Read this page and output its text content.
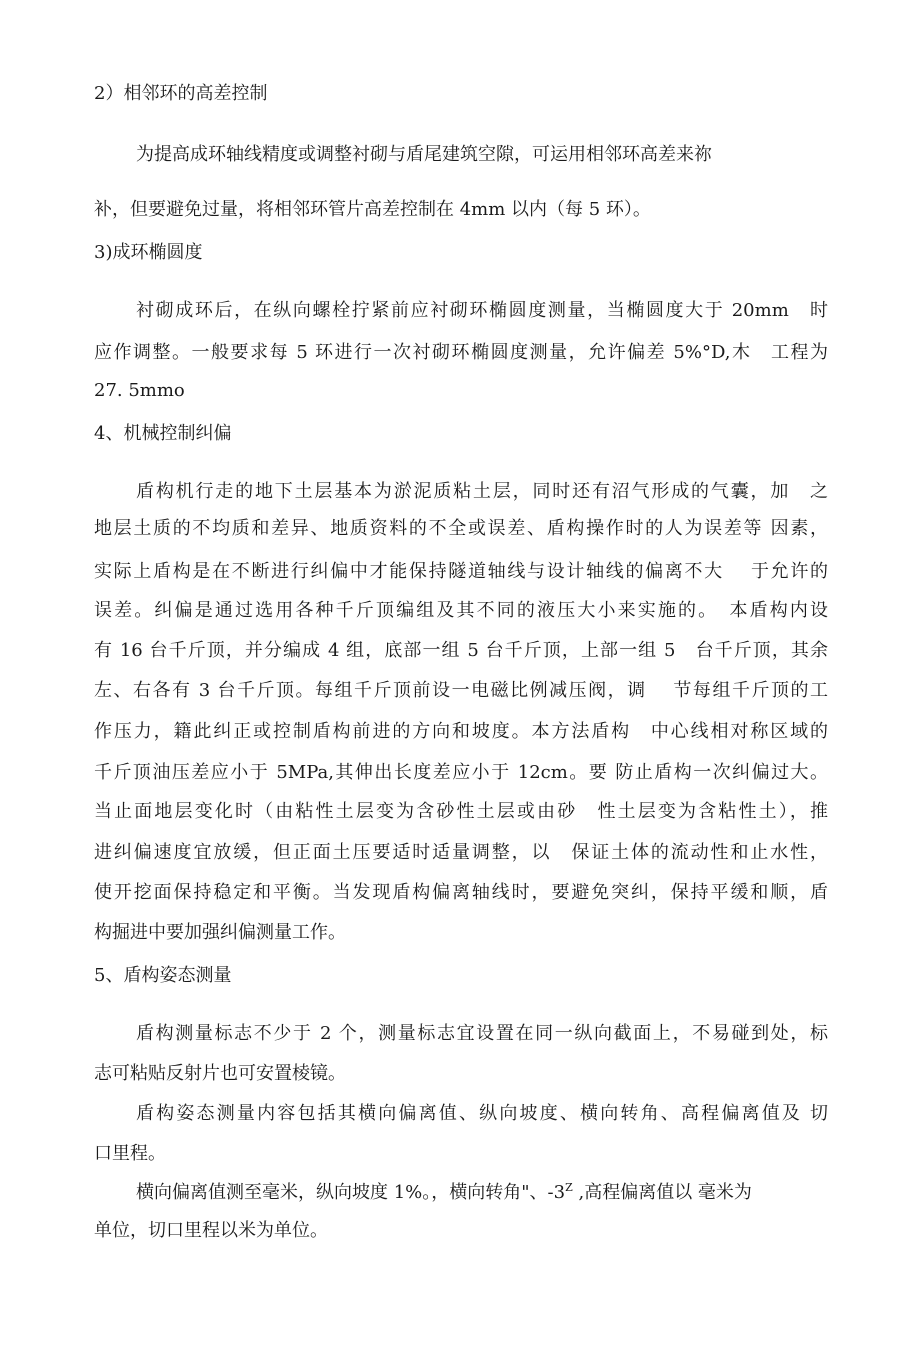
2）相邻环的高差控制
为提高成环轴线精度或调整衬砌与盾尾建筑空隙，可运用相邻环高差来祢
补，但要避免过量，将相邻环管片高差控制在 4mm 以内（每 5 环）。
3)成环椭圆度
衬砌成环后，在纵向螺栓拧紧前应衬砌环椭圆度测量，当椭圆度大于 20mm　时
应作调整。一般要求每 5 环进行一次衬砌环椭圆度测量，允许偏差 5%°D,木　工程为
27. 5mmo
4、机械控制纠偏
盾构机行走的地下土层基本为淤泥质粘土层，同时还有沼气形成的气囊，加　之
地层土质的不均质和差异、地质资料的不全或误差、盾构操作时的人为误差等 因素，
实际上盾构是在不断进行纠偏中才能保持隧道轴线与设计轴线的偏离不大　 于允许的
误差。纠偏是通过选用各种千斤顶编组及其不同的液压大小来实施的。　本盾构内设
有 16 台千斤顶，并分编成 4 组，底部一组 5 台千斤顶，上部一组 5　台千斤顶，其余
左、右各有 3 台千斤顶。每组千斤顶前设一电磁比例减压阀，调　 节每组千斤顶的工
作压力，籍此纠正或控制盾构前进的方向和坡度。本方法盾构　中心线相对称区域的
千斤顶油压差应小于 5MPa,其伸出长度差应小于 12cm。要 防止盾构一次纠偏过大。
当止面地层变化时（由粘性土层变为含砂性土层或由砂　性土层变为含粘性土），推
进纠偏速度宜放缓，但正面土压要适时适量调整，以　保证土体的流动性和止水性，
使开挖面保持稳定和平衡。当发现盾构偏离轴线时，要避免突纠，保持平缓和顺，盾
构掘进中要加强纠偏测量工作。
5、盾构姿态测量
盾构测量标志不少于 2 个，测量标志宜设置在同一纵向截面上，不易碰到处，标
志可粘贴反射片也可安置棱镜。
盾构姿态测量内容包括其横向偏离值、纵向坡度、横向转角、高程偏离值及 切
口里程。
横向偏离值测至毫米，纵向坡度 1%。，横向转角"、$-3^Z$ ,高程偏离值以 毫米为
单位，切口里程以米为单位。
